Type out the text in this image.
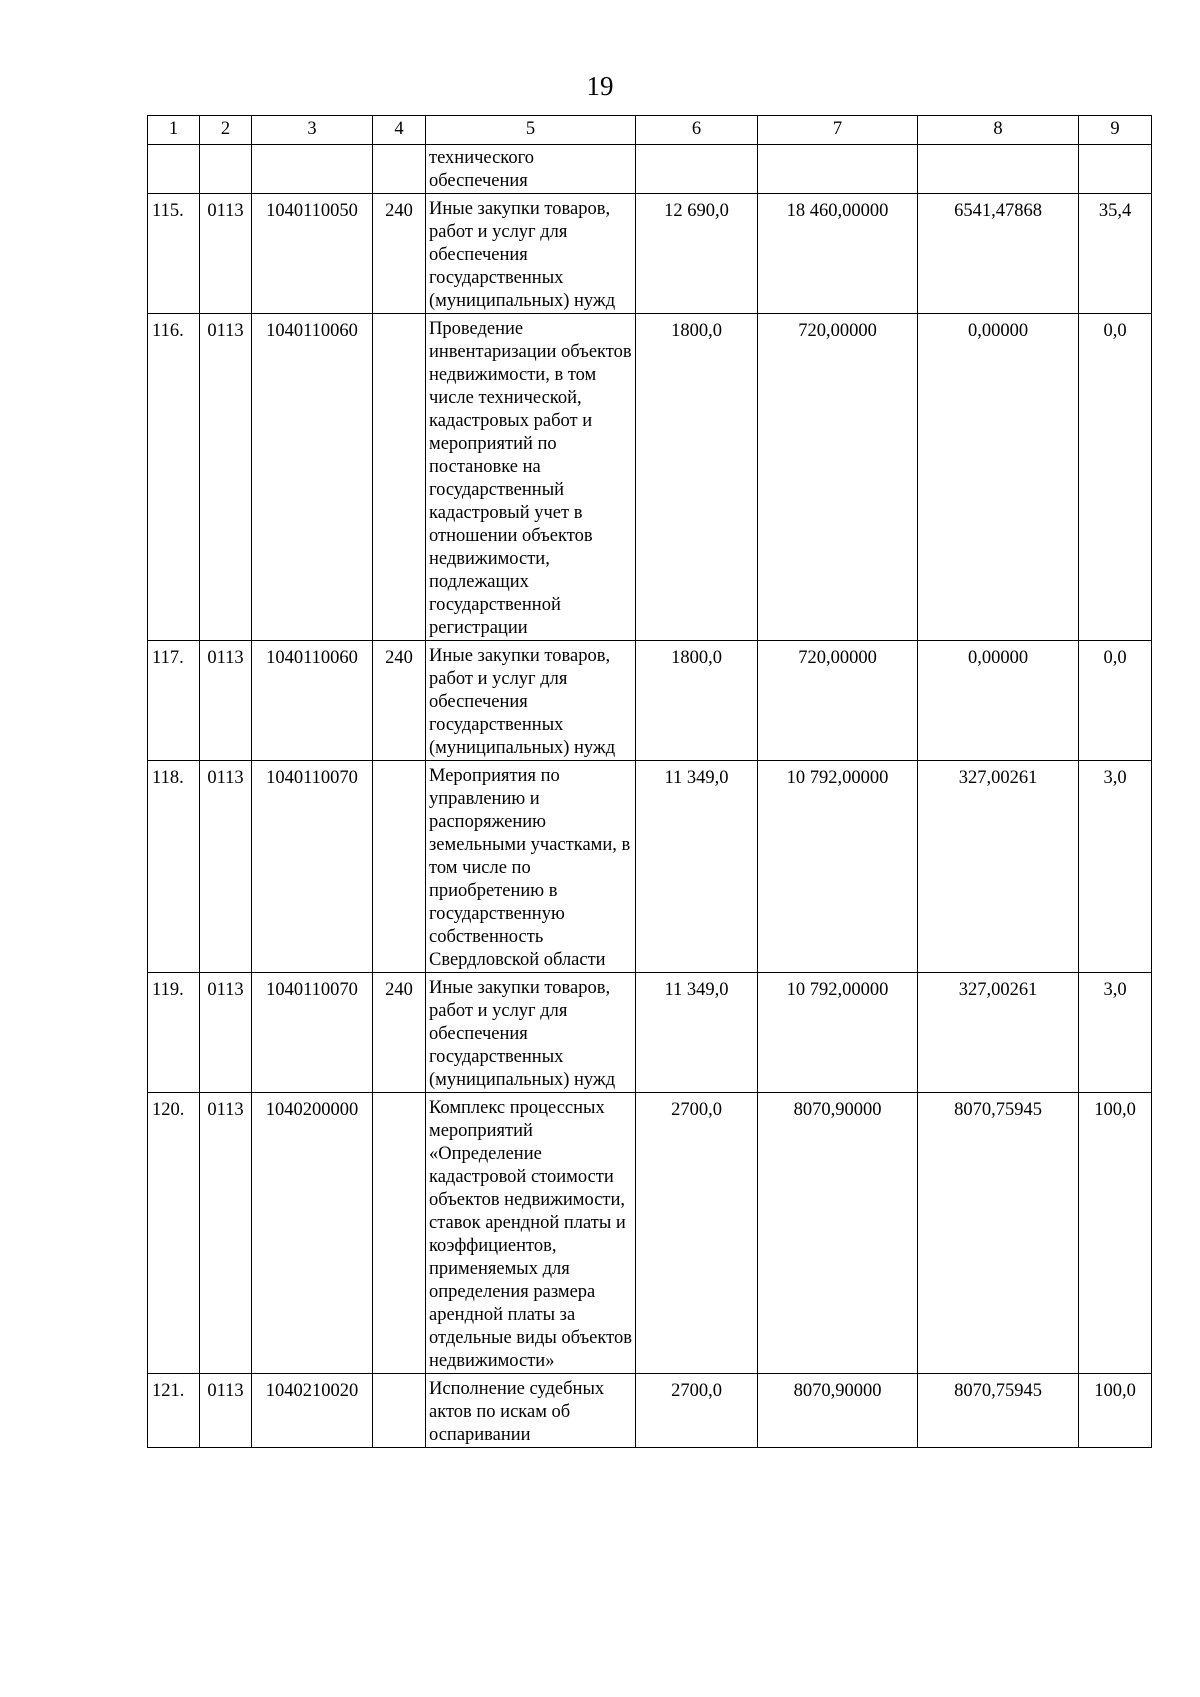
19
1	2	3	4	5	6	7	8	9
				технического обеспечения				
115.	0113	1040110050	240	Иные закупки товаров, работ и услуг для обеспечения государственных (муниципальных) нужд	12 690,0	18 460,00000	6541,47868	35,4
116.	0113	1040110060		Проведение инвентаризации объектов недвижимости, в том числе технической, кадастровых работ и мероприятий по постановке на государственный кадастровый учет в отношении объектов недвижимости, подлежащих государственной регистрации	1800,0	720,00000	0,00000	0,0
117.	0113	1040110060	240	Иные закупки товаров, работ и услуг для обеспечения государственных (муниципальных) нужд	1800,0	720,00000	0,00000	0,0
118.	0113	1040110070		Мероприятия по управлению и распоряжению земельными участками, в том числе по приобретению в государственную собственность Свердловской области	11 349,0	10 792,00000	327,00261	3,0
119.	0113	1040110070	240	Иные закупки товаров, работ и услуг для обеспечения государственных (муниципальных) нужд	11 349,0	10 792,00000	327,00261	3,0
120.	0113	1040200000		Комплекс процессных мероприятий «Определение кадастровой стоимости объектов недвижимости, ставок арендной платы и коэффициентов, применяемых для определения размера арендной платы за отдельные виды объектов недвижимости»	2700,0	8070,90000	8070,75945	100,0
121.	0113	1040210020		Исполнение судебных актов по искам об оспаривании	2700,0	8070,90000	8070,75945	100,0
